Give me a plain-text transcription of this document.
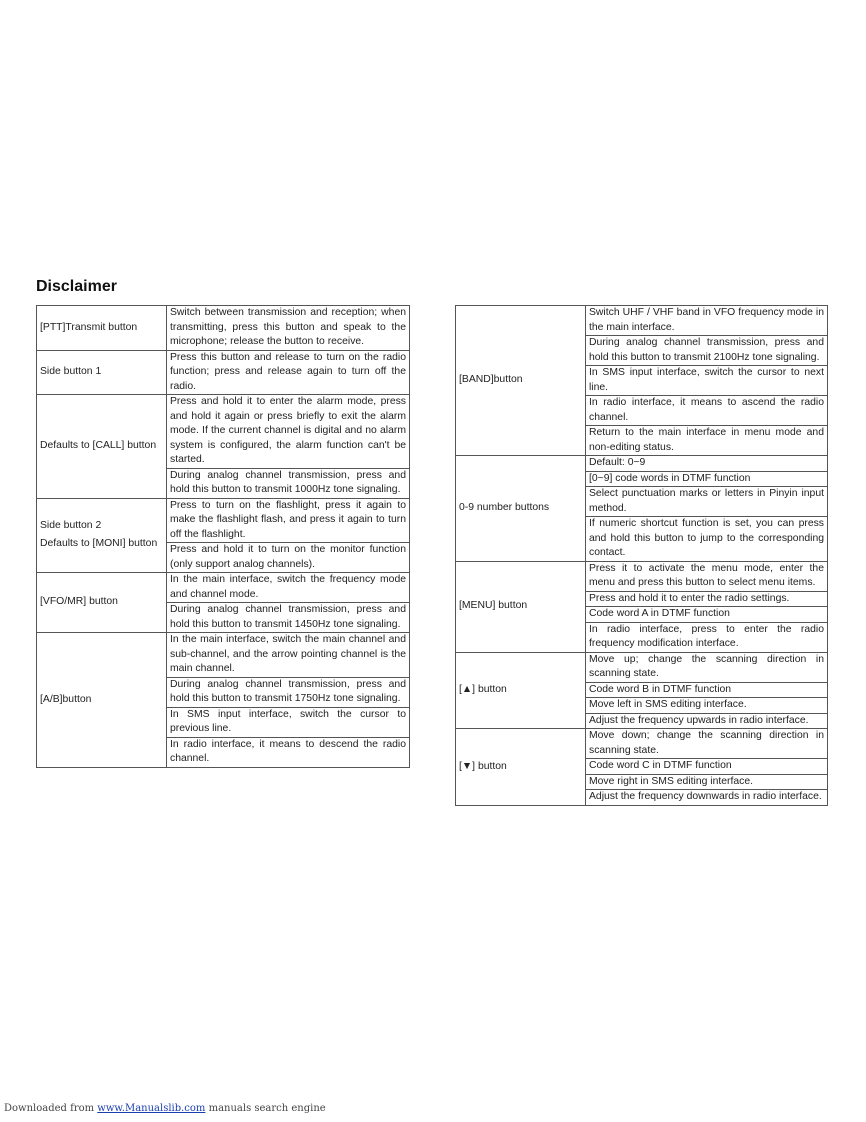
Disclaimer
[PTT]Transmit button	Switch between transmission and reception; when transmitting, press this button and speak to the microphone; release the button to receive.

Side button 1	Press this button and release to turn on the radio function; press and release again to turn off the radio.

Defaults to [CALL] button	Press and hold it to enter the alarm mode, press and hold it again or press briefly to exit the alarm mode. If the current channel is digital and no alarm system is configured, the alarm function can't be started.
	During analog channel transmission, press and hold this button to transmit 1000Hz tone signaling.

Side button 2
Defaults to [MONI] button	Press to turn on the flashlight, press it again to make the flashlight flash, and press it again to turn off the flashlight.
	Press and hold it to turn on the monitor function (only support analog channels).

[VFO/MR] button	In the main interface, switch the frequency mode and channel mode.
	During analog channel transmission, press and hold this button to transmit 1450Hz tone signaling.

[A/B]button	In the main interface, switch the main channel and sub-channel, and the arrow pointing channel is the main channel.
	During analog channel transmission, press and hold this button to transmit 1750Hz tone signaling.
	In SMS input interface, switch the cursor to previous line.
	In radio interface, it means to descend the radio channel.
[BAND]button	Switch UHF / VHF band in VFO frequency mode in the main interface.
	During analog channel transmission, press and hold this button to transmit 2100Hz tone signaling.
	In SMS input interface, switch the cursor to next line.
	In radio interface, it means to ascend the radio channel.
	Return to the main interface in menu mode and non-editing status.

0-9 number buttons	Default: 0~9
	[0~9] code words in DTMF function
	Select punctuation marks or letters in Pinyin input method.
	If numeric shortcut function is set, you can press and hold this button to jump to the corresponding contact.

[MENU] button	Press it to activate the menu mode, enter the menu and press this button to select menu items.
	Press and hold it to enter the radio settings.
	Code word A in DTMF function
	In radio interface, press to enter the radio frequency modification interface.

[▲] button	Move up; change the scanning direction in scanning state.
	Code word B in DTMF function
	Move left in SMS editing interface.
	Adjust the frequency upwards in radio interface.

[▼] button	Move down; change the scanning direction in scanning state.
	Code word C in DTMF function
	Move right in SMS editing interface.
	Adjust the frequency downwards in radio interface.
Downloaded from www.Manualslib.com manuals search engine
